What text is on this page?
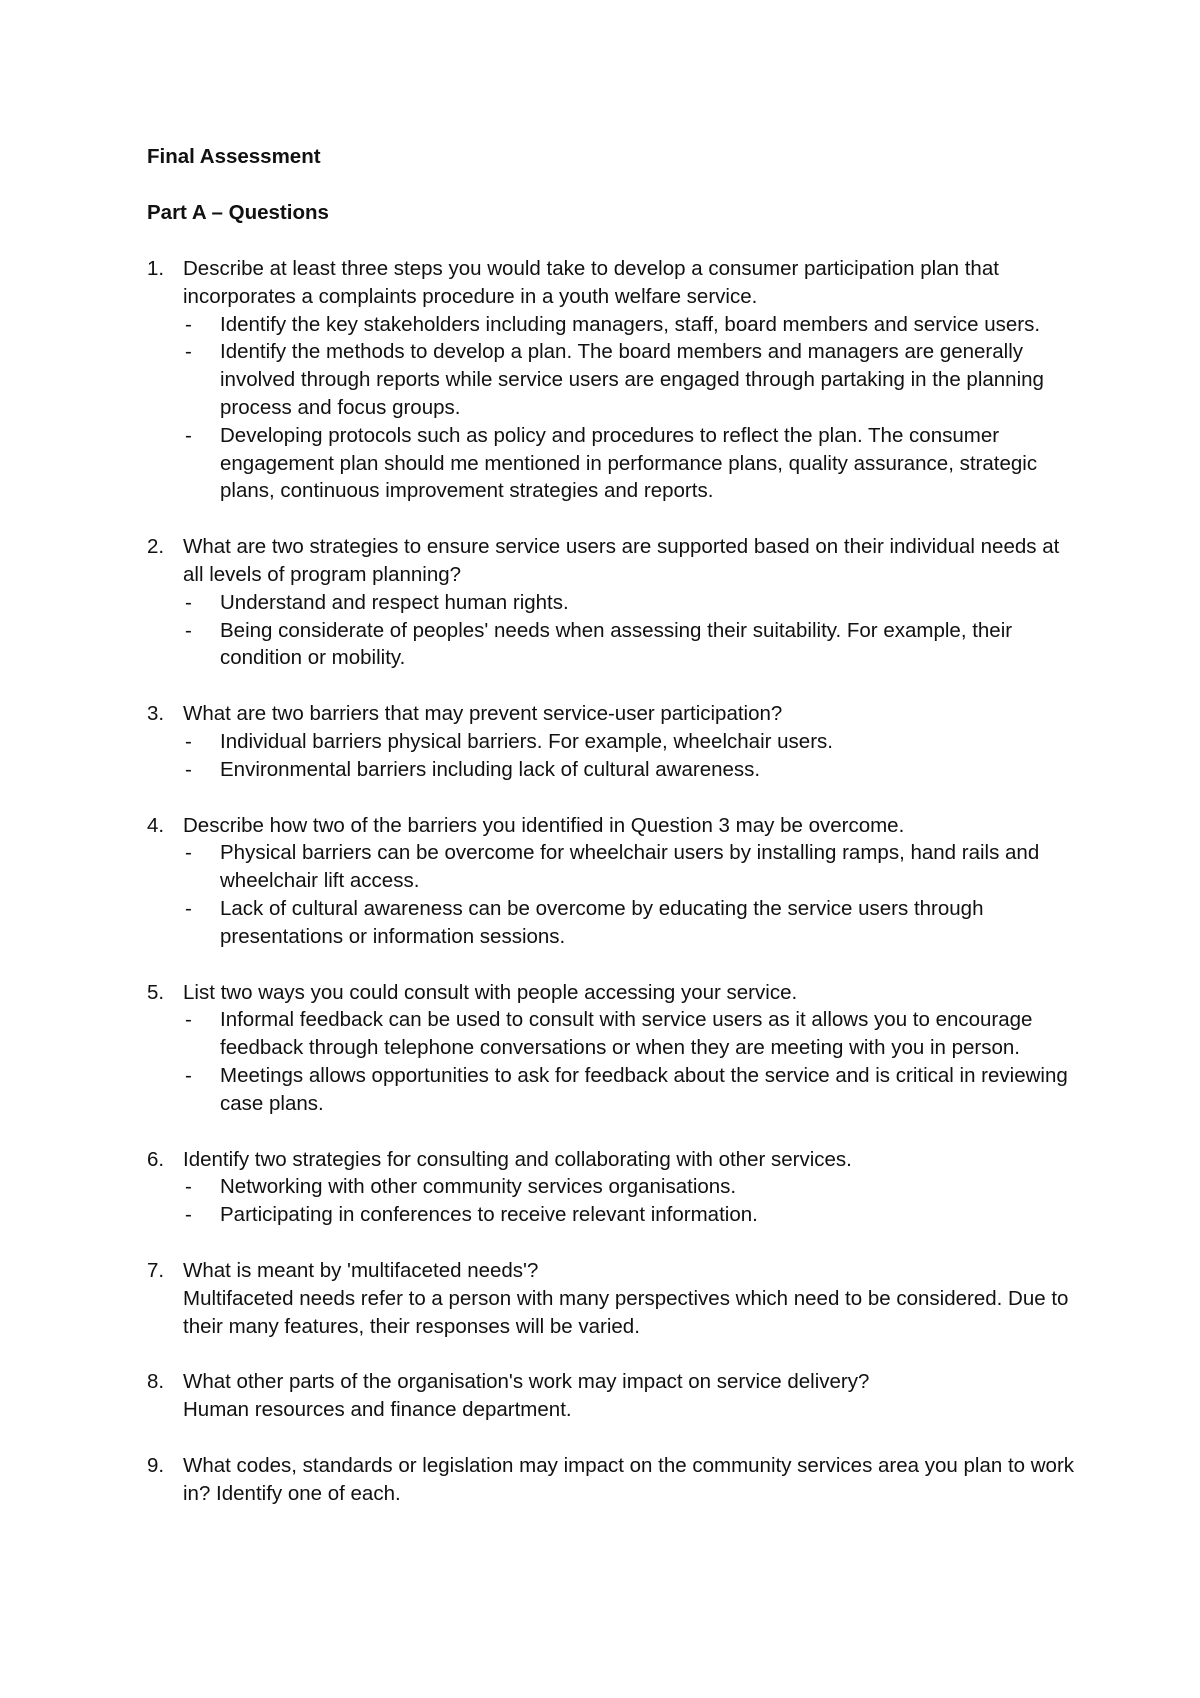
Final Assessment
Part A – Questions
1. Describe at least three steps you would take to develop a consumer participation plan that incorporates a complaints procedure in a youth welfare service.
- Identify the key stakeholders including managers, staff, board members and service users.
- Identify the methods to develop a plan. The board members and managers are generally involved through reports while service users are engaged through partaking in the planning process and focus groups.
- Developing protocols such as policy and procedures to reflect the plan. The consumer engagement plan should me mentioned in performance plans, quality assurance, strategic plans, continuous improvement strategies and reports.
2. What are two strategies to ensure service users are supported based on their individual needs at all levels of program planning?
- Understand and respect human rights.
- Being considerate of peoples' needs when assessing their suitability. For example, their condition or mobility.
3. What are two barriers that may prevent service-user participation?
- Individual barriers physical barriers. For example, wheelchair users.
- Environmental barriers including lack of cultural awareness.
4. Describe how two of the barriers you identified in Question 3 may be overcome.
- Physical barriers can be overcome for wheelchair users by installing ramps, hand rails and wheelchair lift access.
- Lack of cultural awareness can be overcome by educating the service users through presentations or information sessions.
5. List two ways you could consult with people accessing your service.
- Informal feedback can be used to consult with service users as it allows you to encourage feedback through telephone conversations or when they are meeting with you in person.
- Meetings allows opportunities to ask for feedback about the service and is critical in reviewing case plans.
6. Identify two strategies for consulting and collaborating with other services.
- Networking with other community services organisations.
- Participating in conferences to receive relevant information.
7. What is meant by 'multifaceted needs'?
Multifaceted needs refer to a person with many perspectives which need to be considered. Due to their many features, their responses will be varied.
8. What other parts of the organisation's work may impact on service delivery?
Human resources and finance department.
9. What codes, standards or legislation may impact on the community services area you plan to work in? Identify one of each.
